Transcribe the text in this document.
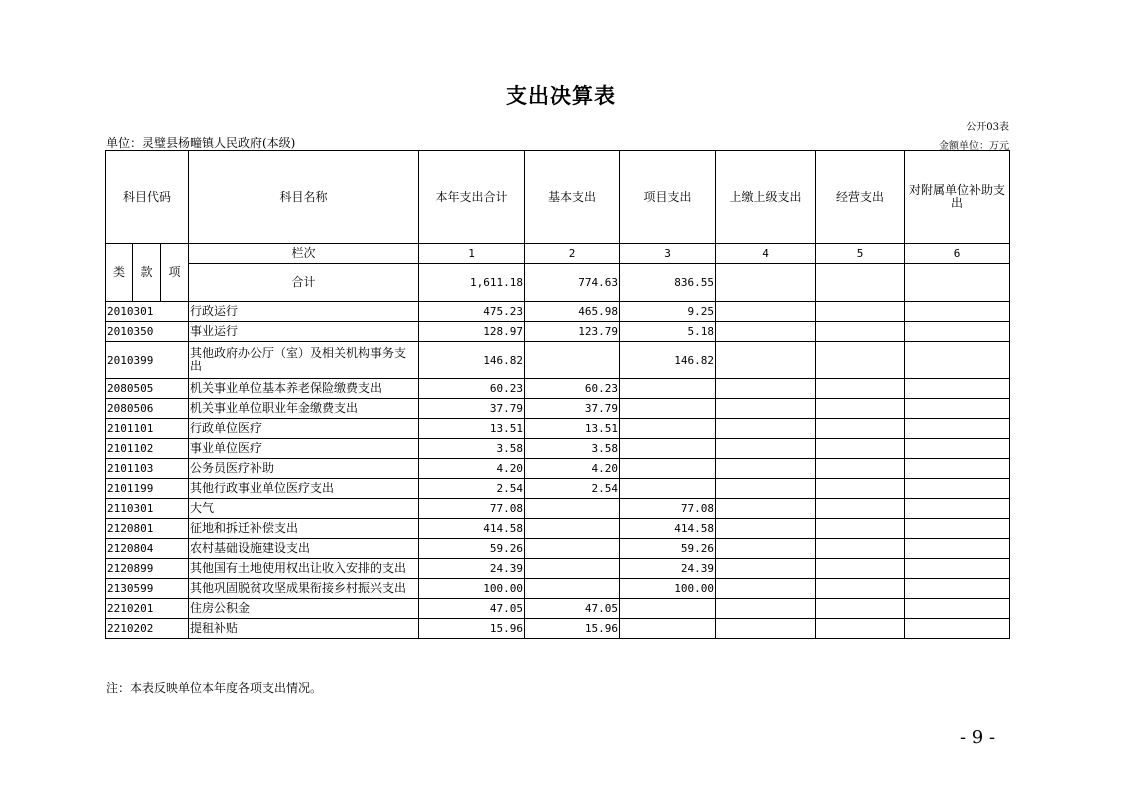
支出决算表
公开03表
单位：灵璧县杨疃镇人民政府(本级)	金额单位：万元
科目代码			科目名称	本年支出合计	基本支出	项目支出	上缴上级支出	经营支出	对附属单位补助支出
类	款	项	栏次	1	2	3	4	5	6
			合计	1,611.18	774.63	836.55			
2010301			行政运行	475.23	465.98	9.25			
2010350			事业运行	128.97	123.79	5.18			
2010399			其他政府办公厅（室）及相关机构事务支出	146.82		146.82			
2080505			机关事业单位基本养老保险缴费支出	60.23	60.23				
2080506			机关事业单位职业年金缴费支出	37.79	37.79				
2101101			行政单位医疗	13.51	13.51				
2101102			事业单位医疗	3.58	3.58				
2101103			公务员医疗补助	4.20	4.20				
2101199			其他行政事业单位医疗支出	2.54	2.54				
2110301			大气	77.08		77.08			
2120801			征地和拆迁补偿支出	414.58		414.58			
2120804			农村基础设施建设支出	59.26		59.26			
2120899			其他国有土地使用权出让收入安排的支出	24.39		24.39			
2130599			其他巩固脱贫攻坚成果衔接乡村振兴支出	100.00		100.00			
2210201			住房公积金	47.05	47.05				
2210202			提租补贴	15.96	15.96				
注：本表反映单位本年度各项支出情况。
- 9 -
